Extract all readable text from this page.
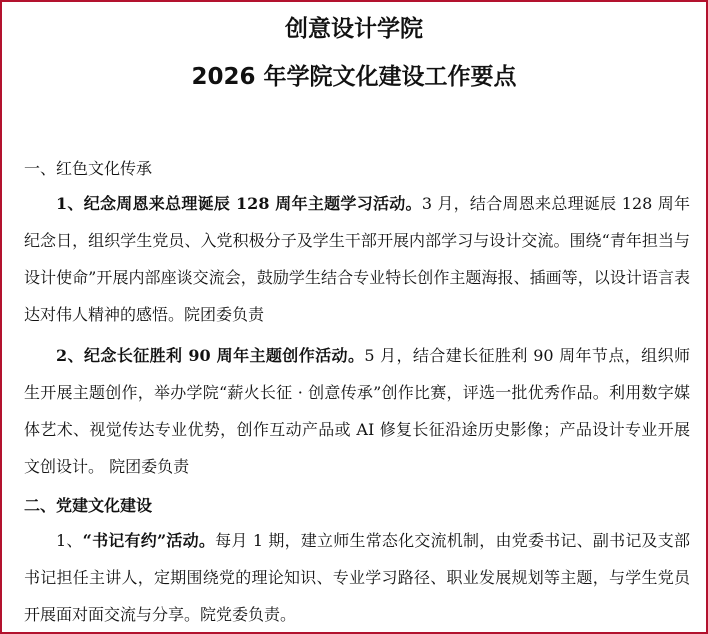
创意设计学院
2026 年学院文化建设工作要点
一、红色文化传承

1、纪念周恩来总理诞辰 128 周年主题学习活动。3 月，结合周恩来总理诞辰 128 周年纪念日，组织学生党员、入党积极分子及学生干部开展内部学习与设计交流。围绕“青年担当与设计使命”开展内部座谈交流会，鼓励学生结合专业特长创作主题海报、插画等，以设计语言表达对伟人精神的感悟。院团委负责

2、纪念长征胜利 90 周年主题创作活动。5 月，结合建长征胜利 90 周年节点，组织师生开展主题创作，举办学院“薪火长征 · 创意传承”创作比赛，评选一批优秀作品。利用数字媒体艺术、视觉传达专业优势，创作互动产品或 AI 修复长征沿途历史影像；产品设计专业开展文创设计。 院团委负责

二、党建文化建设

1、“书记有约”活动。每月 1 期，建立师生常态化交流机制，由党委书记、副书记及支部书记担任主讲人，定期围绕党的理论知识、专业学习路径、职业发展规划等主题，与学生党员开展面对面交流与分享。院党委负责。
